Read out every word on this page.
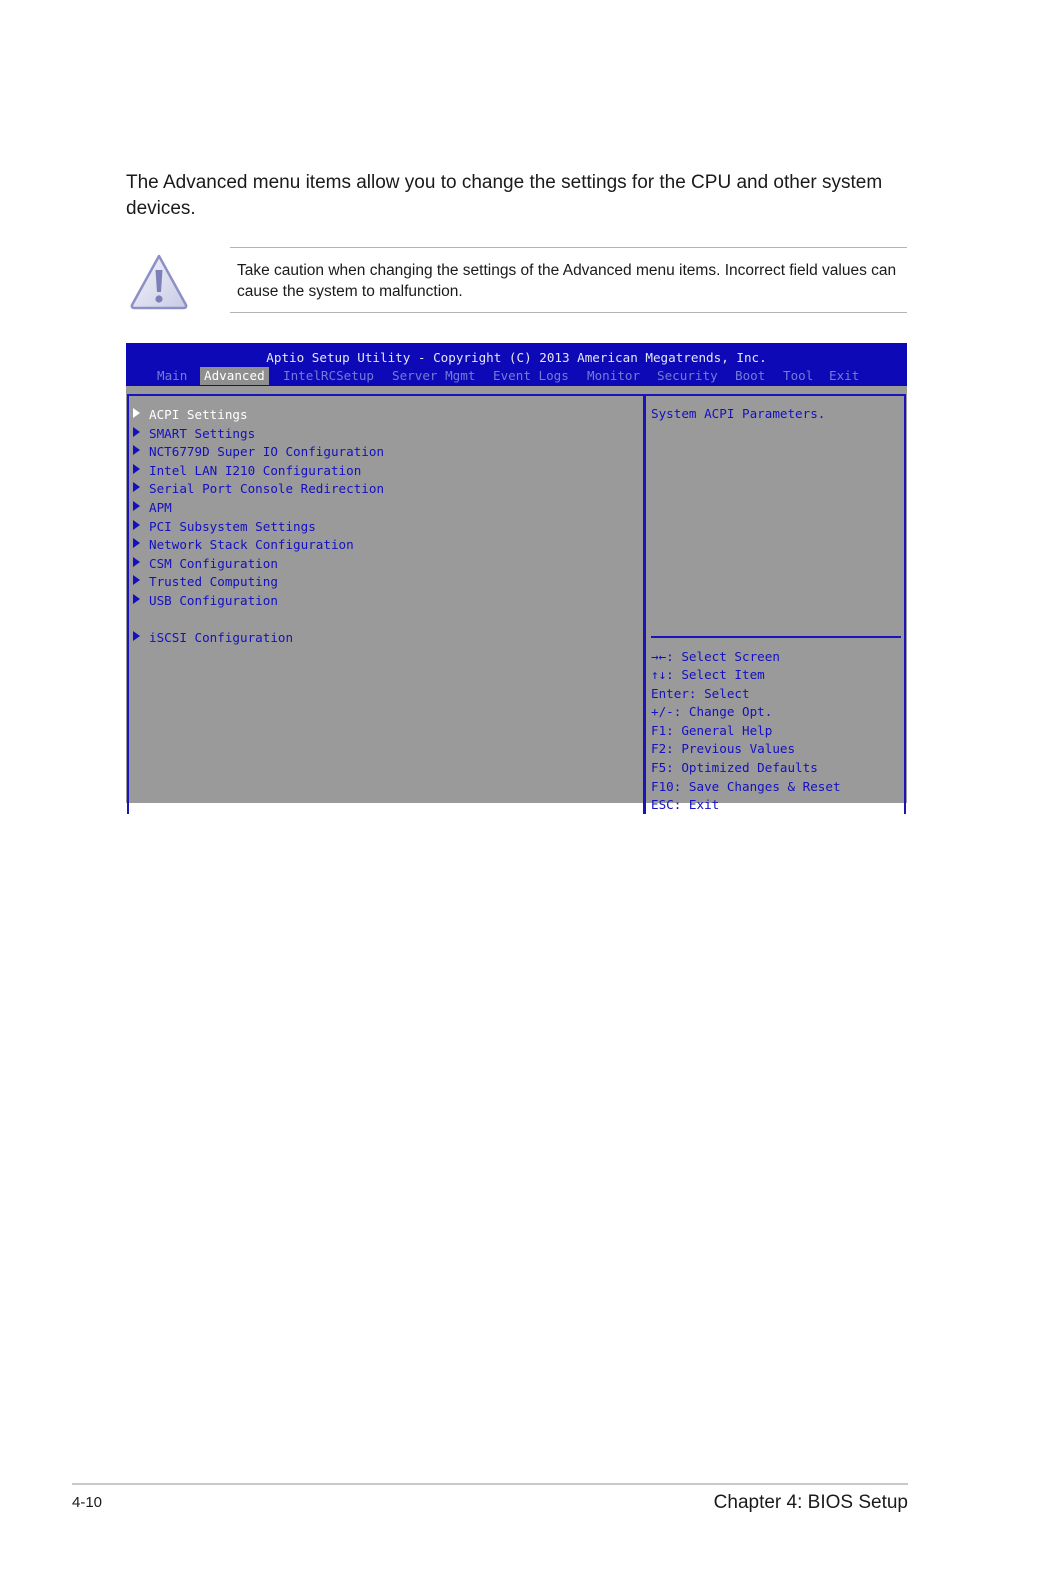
The Advanced menu items allow you to change the settings for the CPU and other system devices.

Take caution when changing the settings of the Advanced menu items. Incorrect field values can cause the system to malfunction.
Aptio Setup Utility - Copyright (C) 2013 American Megatrends, Inc.
Main	Advanced	IntelRCSetup Server Mgmt Event Logs Monitor Security Boot Tool Exit
ACPI Settings
SMART Settings
NCT6779D Super IO Configuration
Intel LAN I210 Configuration
Serial Port Console Redirection
APM
PCI Subsystem Settings
Network Stack Configuration
CSM Configuration
Trusted Computing
USB Configuration
iSCSI Configuration
System ACPI Parameters.
→←: Select Screen
↑↓: Select Item
Enter: Select
+/-: Change Opt.
F1: General Help
F2: Previous Values
F5: Optimized Defaults
F10: Save Changes & Reset
ESC: Exit
4-10	Chapter 4: BIOS Setup
